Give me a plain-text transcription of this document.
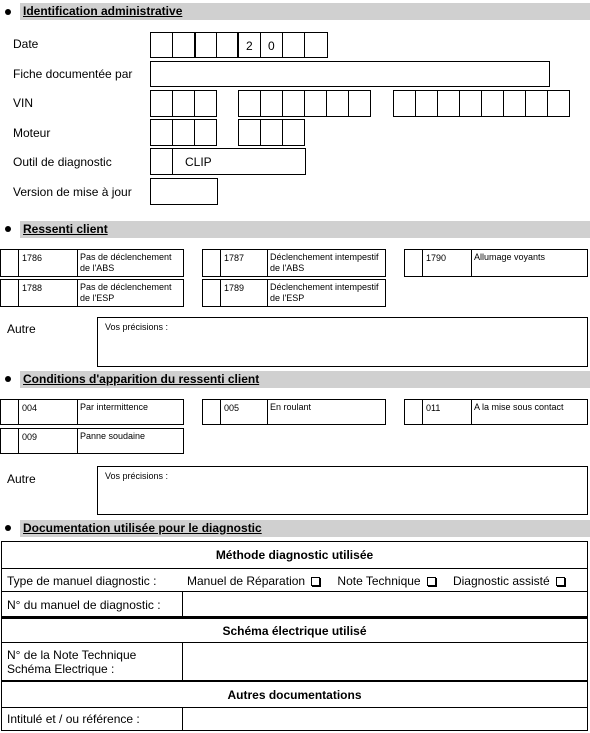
Identification administrative
Date	2 0
Fiche documentée par
VIN
Moteur
Outil de diagnostic	CLIP
Version de mise à jour
Ressenti client
1786	Pas de déclenchement de l'ABS
1787	Déclenchement intempestif de l'ABS
1790	Allumage voyants
1788	Pas de déclenchement de l'ESP
1789	Déclenchement intempestif de l'ESP
Autre	Vos précisions :
Conditions d'apparition du ressenti client
004	Par intermittence	005	En roulant	011	A la mise sous contact
009	Panne soudaine
Autre	Vos précisions :
Documentation utilisée pour le diagnostic
Méthode diagnostic utilisée
Type de manuel diagnostic :	Manuel de Réparation	Note Technique	Diagnostic assisté
N° du manuel de diagnostic :
Schéma électrique utilisé
N° de la Note Technique
Schéma Electrique :
Autres documentations
Intitulé et / ou référence :
